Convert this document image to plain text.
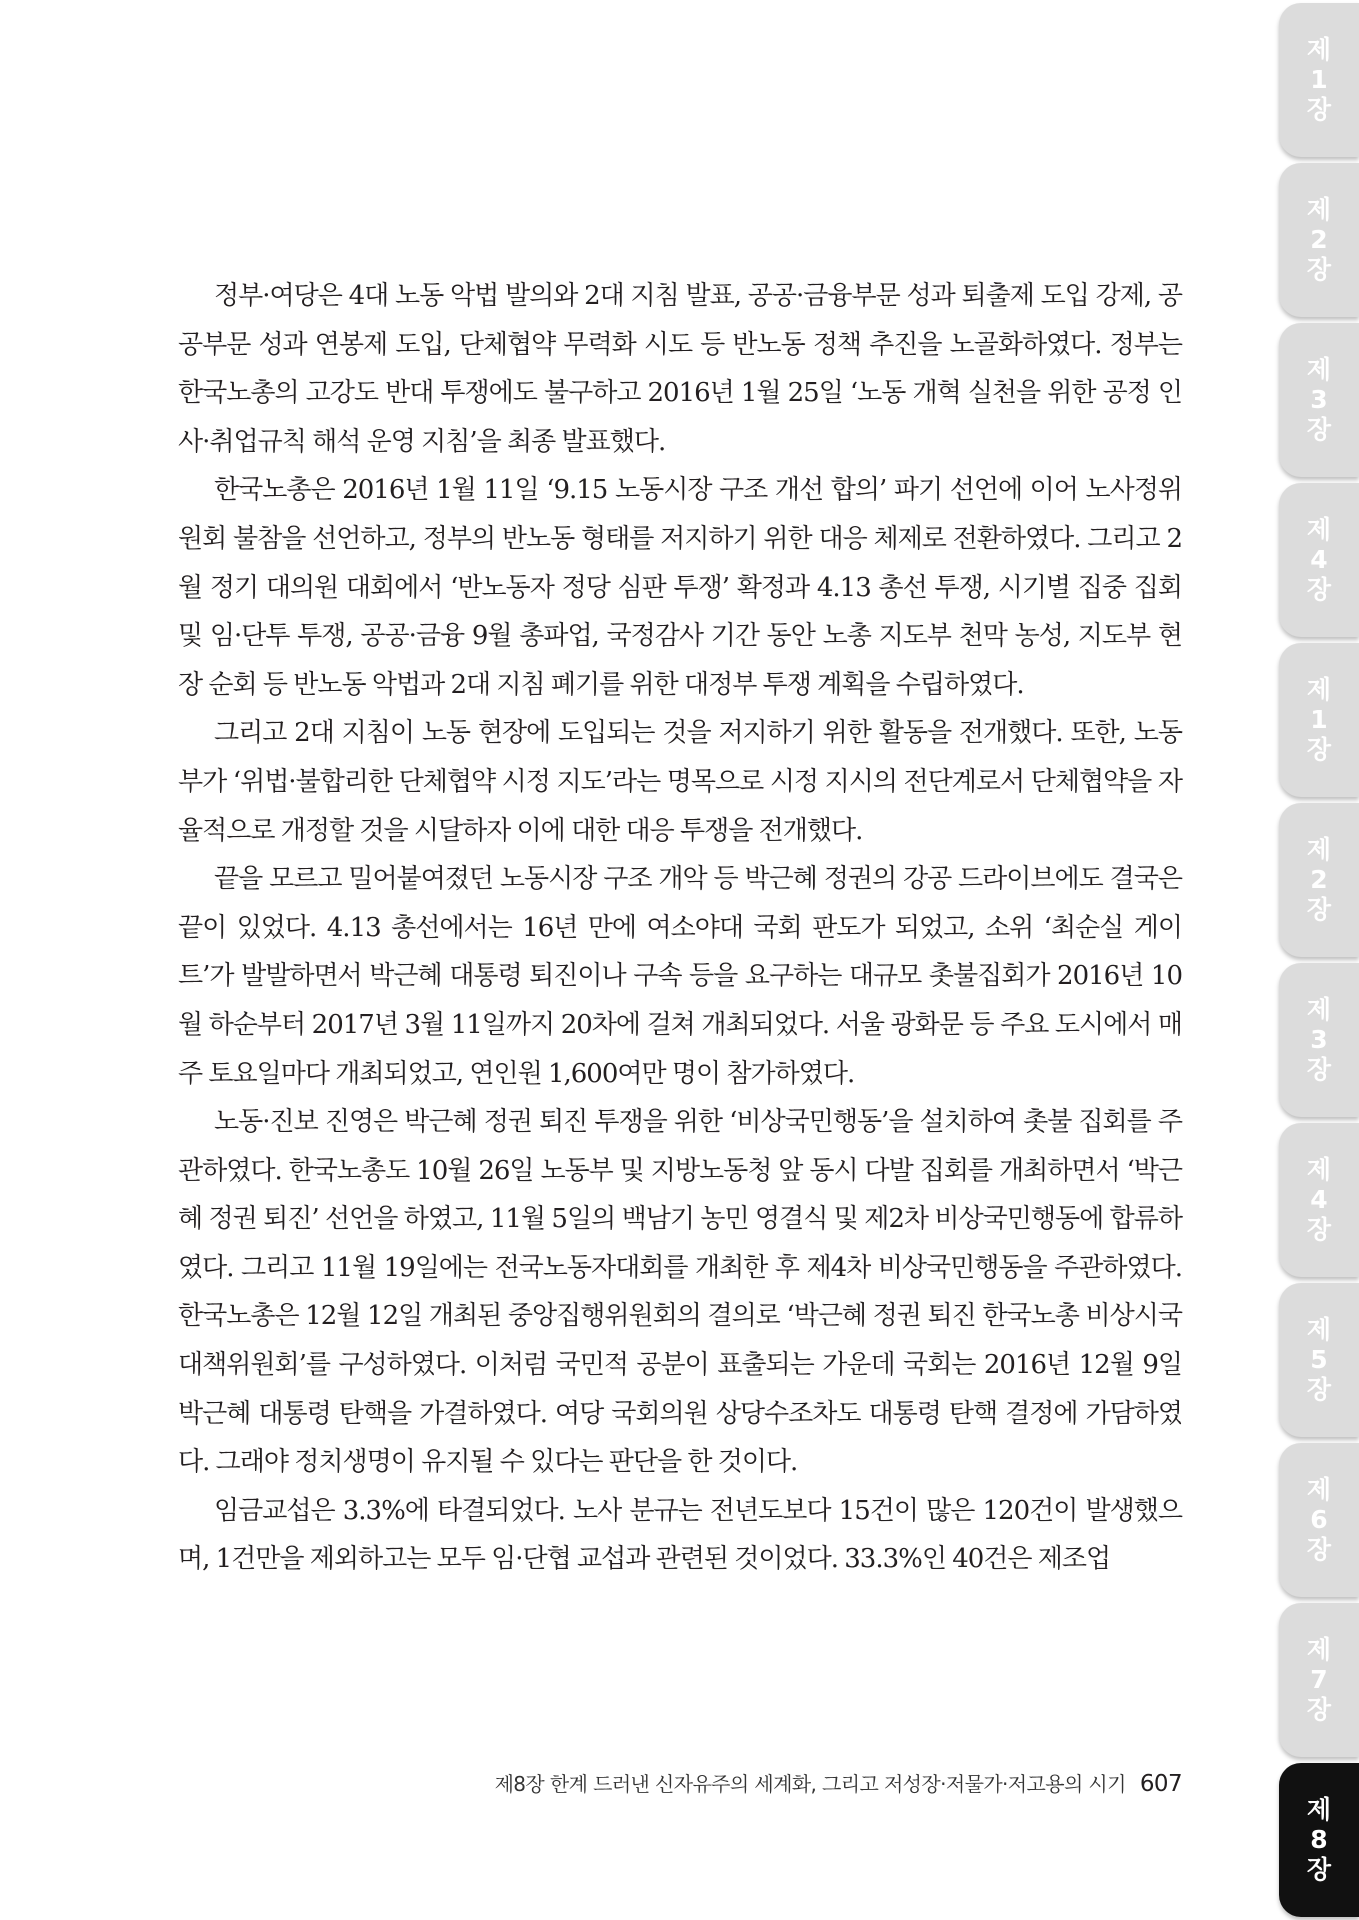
정부·여당은 4대 노동 악법 발의와 2대 지침 발표, 공공·금융부문 성과 퇴출제 도입 강제, 공공부문 성과 연봉제 도입, 단체협약 무력화 시도 등 반노동 정책 추진을 노골화하였다. 정부는 한국노총의 고강도 반대 투쟁에도 불구하고 2016년 1월 25일 ‘노동 개혁 실천을 위한 공정 인사·취업규칙 해석 운영 지침’을 최종 발표했다.

한국노총은 2016년 1월 11일 ‘9.15 노동시장 구조 개선 합의’ 파기 선언에 이어 노사정위원회 불참을 선언하고, 정부의 반노동 형태를 저지하기 위한 대응 체제로 전환하였다. 그리고 2월 정기 대의원 대회에서 ‘반노동자 정당 심판 투쟁’ 확정과 4.13 총선 투쟁, 시기별 집중 집회 및 임·단투 투쟁, 공공·금융 9월 총파업, 국정감사 기간 동안 노총 지도부 천막 농성, 지도부 현장 순회 등 반노동 악법과 2대 지침 폐기를 위한 대정부 투쟁 계획을 수립하였다.

그리고 2대 지침이 노동 현장에 도입되는 것을 저지하기 위한 활동을 전개했다. 또한, 노동부가 ‘위법·불합리한 단체협약 시정 지도’라는 명목으로 시정 지시의 전단계로서 단체협약을 자율적으로 개정할 것을 시달하자 이에 대한 대응 투쟁을 전개했다.

끝을 모르고 밀어붙여졌던 노동시장 구조 개악 등 박근혜 정권의 강공 드라이브에도 결국은 끝이 있었다. 4.13 총선에서는 16년 만에 여소야대 국회 판도가 되었고, 소위 ‘최순실 게이트’가 발발하면서 박근혜 대통령 퇴진이나 구속 등을 요구하는 대규모 촛불집회가 2016년 10월 하순부터 2017년 3월 11일까지 20차에 걸쳐 개최되었다. 서울 광화문 등 주요 도시에서 매주 토요일마다 개최되었고, 연인원 1,600여만 명이 참가하였다.

노동·진보 진영은 박근혜 정권 퇴진 투쟁을 위한 ‘비상국민행동’을 설치하여 촛불 집회를 주관하였다. 한국노총도 10월 26일 노동부 및 지방노동청 앞 동시 다발 집회를 개최하면서 ‘박근혜 정권 퇴진’ 선언을 하였고, 11월 5일의 백남기 농민 영결식 및 제2차 비상국민행동에 합류하였다. 그리고 11월 19일에는 전국노동자대회를 개최한 후 제4차 비상국민행동을 주관하였다. 한국노총은 12월 12일 개최된 중앙집행위원회의 결의로 ‘박근혜 정권 퇴진 한국노총 비상시국 대책위원회’를 구성하였다. 이처럼 국민적 공분이 표출되는 가운데 국회는 2016년 12월 9일 박근혜 대통령 탄핵을 가결하였다. 여당 국회의원 상당수조차도 대통령 탄핵 결정에 가담하였다. 그래야 정치생명이 유지될 수 있다는 판단을 한 것이다.

임금교섭은 3.3%에 타결되었다. 노사 분규는 전년도보다 15건이 많은 120건이 발생했으며, 1건만을 제외하고는 모두 임·단협 교섭과 관련된 것이었다. 33.3%인 40건은 제조업

제8장 한계 드러낸 신자유주의 세계화, 그리고 저성장·저물가·저고용의 시기 607
제1장
제2장
제3장
제4장
제1장
제2장
제3장
제4장
제5장
제6장
제7장
제8장
